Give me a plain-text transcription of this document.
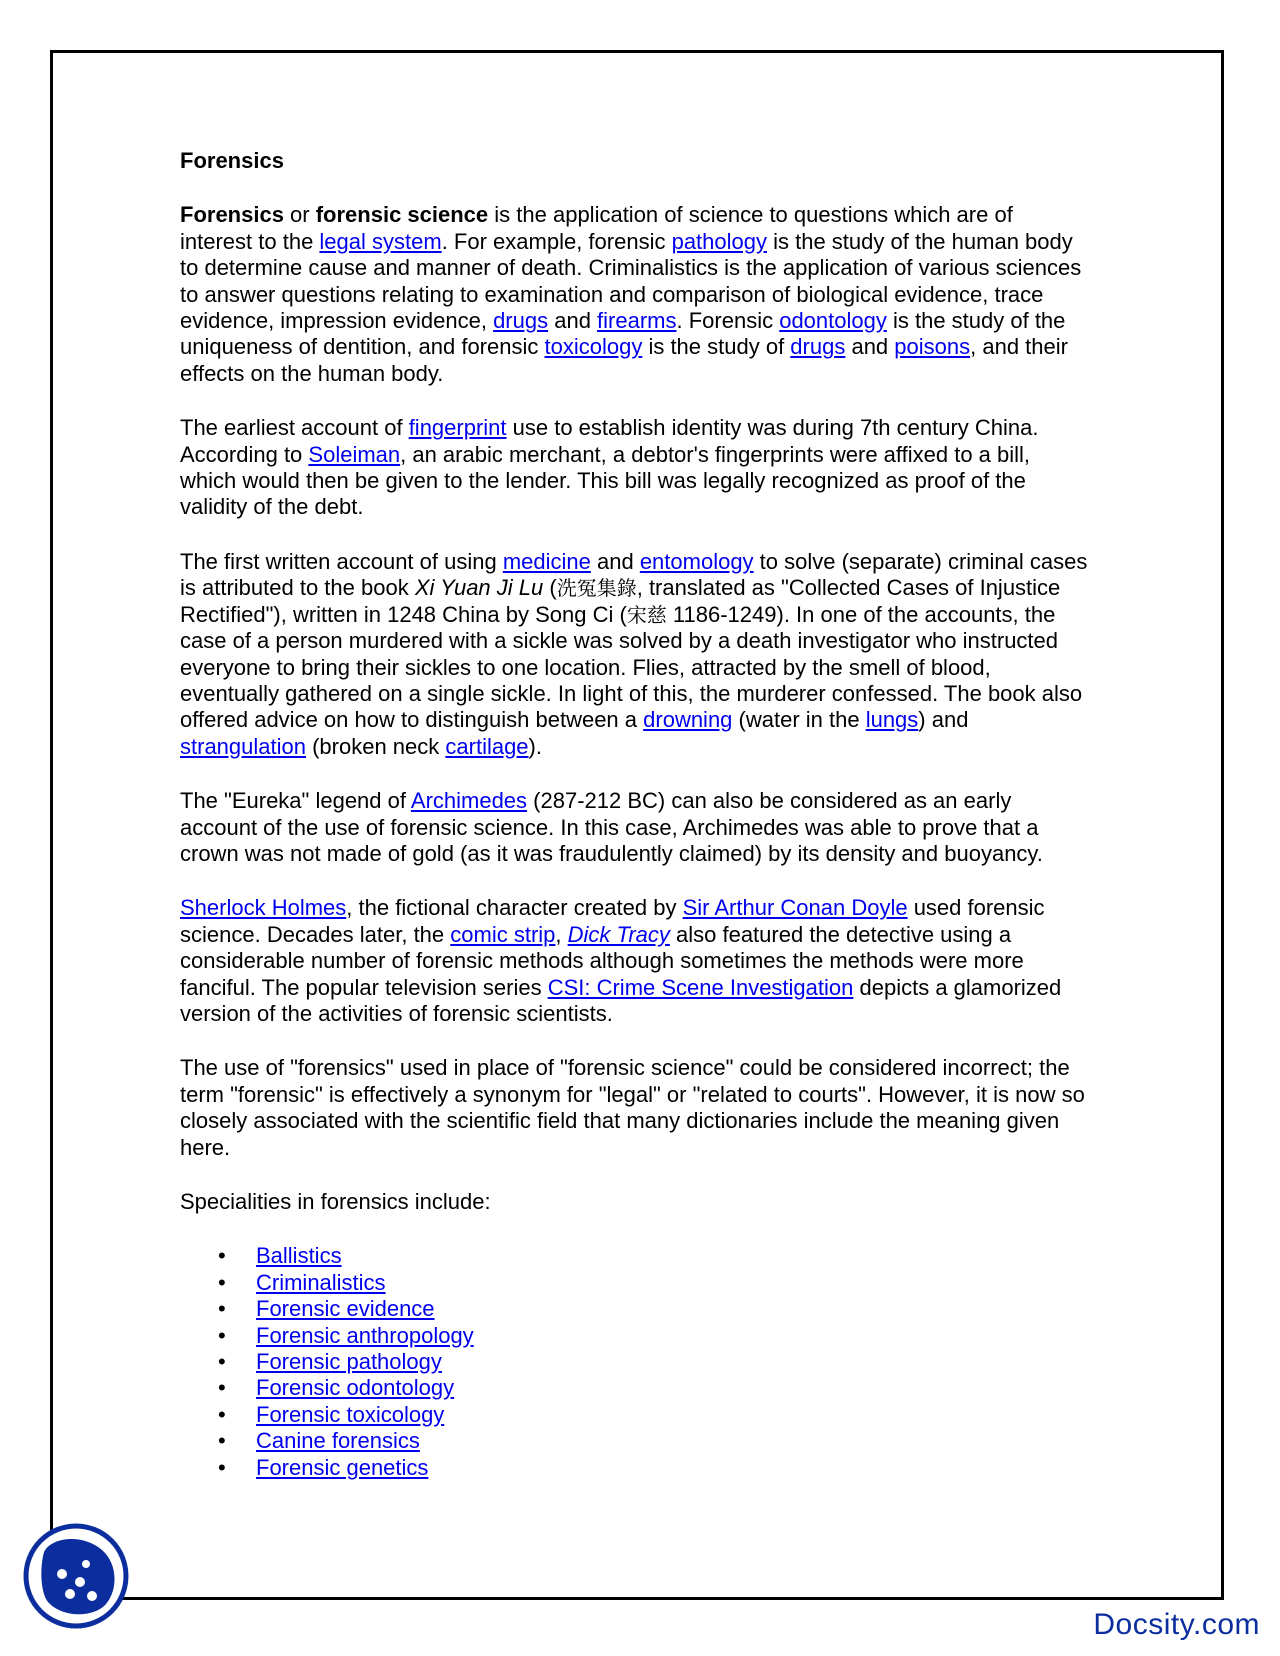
Forensics

Forensics or forensic science is the application of science to questions which are of interest to the legal system. For example, forensic pathology is the study of the human body to determine cause and manner of death. Criminalistics is the application of various sciences to answer questions relating to examination and comparison of biological evidence, trace evidence, impression evidence, drugs and firearms. Forensic odontology is the study of the uniqueness of dentition, and forensic toxicology is the study of drugs and poisons, and their effects on the human body.

The earliest account of fingerprint use to establish identity was during 7th century China. According to Soleiman, an arabic merchant, a debtor's fingerprints were affixed to a bill, which would then be given to the lender. This bill was legally recognized as proof of the validity of the debt.

The first written account of using medicine and entomology to solve (separate) criminal cases is attributed to the book Xi Yuan Ji Lu (洗冤集錄, translated as "Collected Cases of Injustice Rectified"), written in 1248 China by Song Ci (宋慈 1186-1249). In one of the accounts, the case of a person murdered with a sickle was solved by a death investigator who instructed everyone to bring their sickles to one location. Flies, attracted by the smell of blood, eventually gathered on a single sickle. In light of this, the murderer confessed. The book also offered advice on how to distinguish between a drowning (water in the lungs) and strangulation (broken neck cartilage).

The "Eureka" legend of Archimedes (287-212 BC) can also be considered as an early account of the use of forensic science. In this case, Archimedes was able to prove that a crown was not made of gold (as it was fraudulently claimed) by its density and buoyancy.

Sherlock Holmes, the fictional character created by Sir Arthur Conan Doyle used forensic science. Decades later, the comic strip, Dick Tracy also featured the detective using a considerable number of forensic methods although sometimes the methods were more fanciful. The popular television series CSI: Crime Scene Investigation depicts a glamorized version of the activities of forensic scientists.

The use of "forensics" used in place of "forensic science" could be considered incorrect; the term "forensic" is effectively a synonym for "legal" or "related to courts". However, it is now so closely associated with the scientific field that many dictionaries include the meaning given here.

Specialities in forensics include:

• Ballistics
• Criminalistics
• Forensic evidence
• Forensic anthropology
• Forensic pathology
• Forensic odontology
• Forensic toxicology
• Canine forensics
• Forensic genetics
Docsity.com
